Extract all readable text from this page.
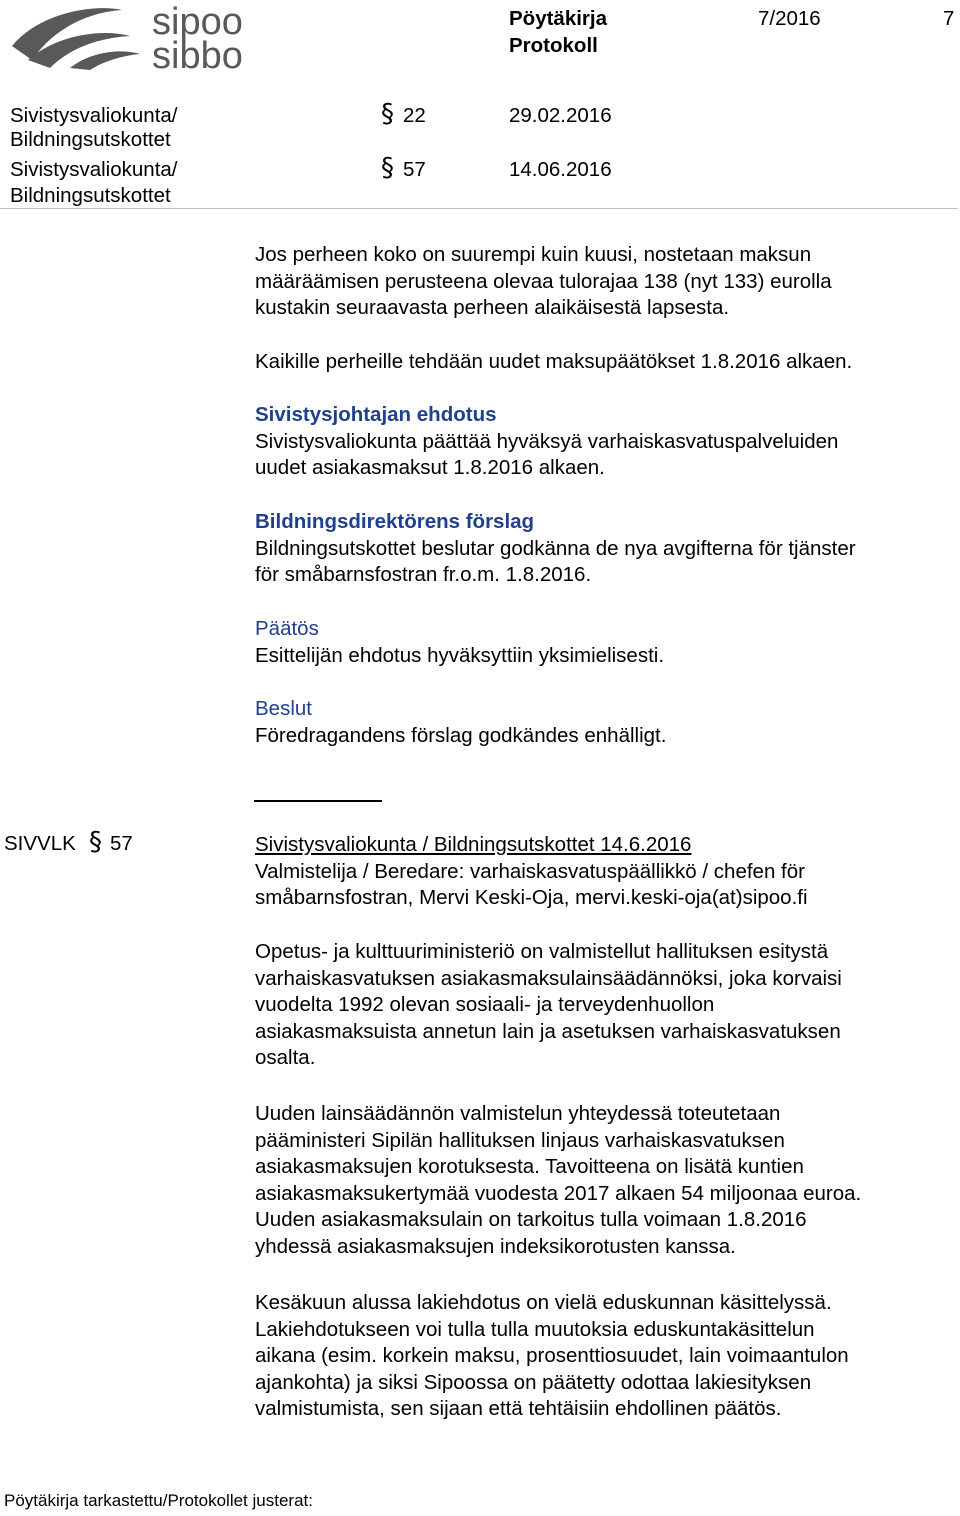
sipoo
sibbo
Pöytäkirja
Protokoll
7/2016	7
Sivistysvaliokunta/
Bildningsutskottet
§ 22	29.02.2016
Sivistysvaliokunta/
Bildningsutskottet
§ 57	14.06.2016
Jos perheen koko on suurempi kuin kuusi, nostetaan maksun
määräämisen perusteena olevaa tulorajaa 138 (nyt 133) eurolla
kustakin seuraavasta perheen alaikäisestä lapsesta.
Kaikille perheille tehdään uudet maksupäätökset 1.8.2016 alkaen.
Sivistysjohtajan ehdotus
Sivistysvaliokunta päättää hyväksyä varhaiskasvatuspalveluiden
uudet asiakasmaksut 1.8.2016 alkaen.
Bildningsdirektörens förslag
Bildningsutskottet beslutar godkänna de nya avgifterna för tjänster
för småbarnsfostran fr.o.m. 1.8.2016.
Päätös
Esittelijän ehdotus hyväksyttiin yksimielisesti.
Beslut
Föredragandens förslag godkändes enhälligt.
SIVVLK § 57	Sivistysvaliokunta / Bildningsutskottet 14.6.2016
Valmistelija / Beredare: varhaiskasvatuspäällikkö / chefen för
småbarnsfostran, Mervi Keski-Oja, mervi.keski-oja(at)sipoo.fi
Opetus- ja kulttuuriministeriö on valmistellut hallituksen esitystä
varhaiskasvatuksen asiakasmaksulainsäädännöksi, joka korvaisi
vuodelta 1992 olevan sosiaali- ja terveydenhuollon
asiakasmaksuista annetun lain ja asetuksen varhaiskasvatuksen
osalta.
Uuden lainsäädännön valmistelun yhteydessä toteutetaan
pääministeri Sipilän hallituksen linjaus varhaiskasvatuksen
asiakasmaksujen korotuksesta. Tavoitteena on lisätä kuntien
asiakasmaksukertymää vuodesta 2017 alkaen 54 miljoonaa euroa.
Uuden asiakasmaksulain on tarkoitus tulla voimaan 1.8.2016
yhdessä asiakasmaksujen indeksikorotusten kanssa.
Kesäkuun alussa lakiehdotus on vielä eduskunnan käsittelyssä.
Lakiehdotukseen voi tulla tulla muutoksia eduskuntakäsittelun
aikana (esim. korkein maksu, prosenttiosuudet, lain voimaantulon
ajankohta) ja siksi Sipoossa on päätetty odottaa lakiesityksen
valmistumista, sen sijaan että tehtäisiin ehdollinen päätös.
Pöytäkirja tarkastettu/Protokollet justerat:
